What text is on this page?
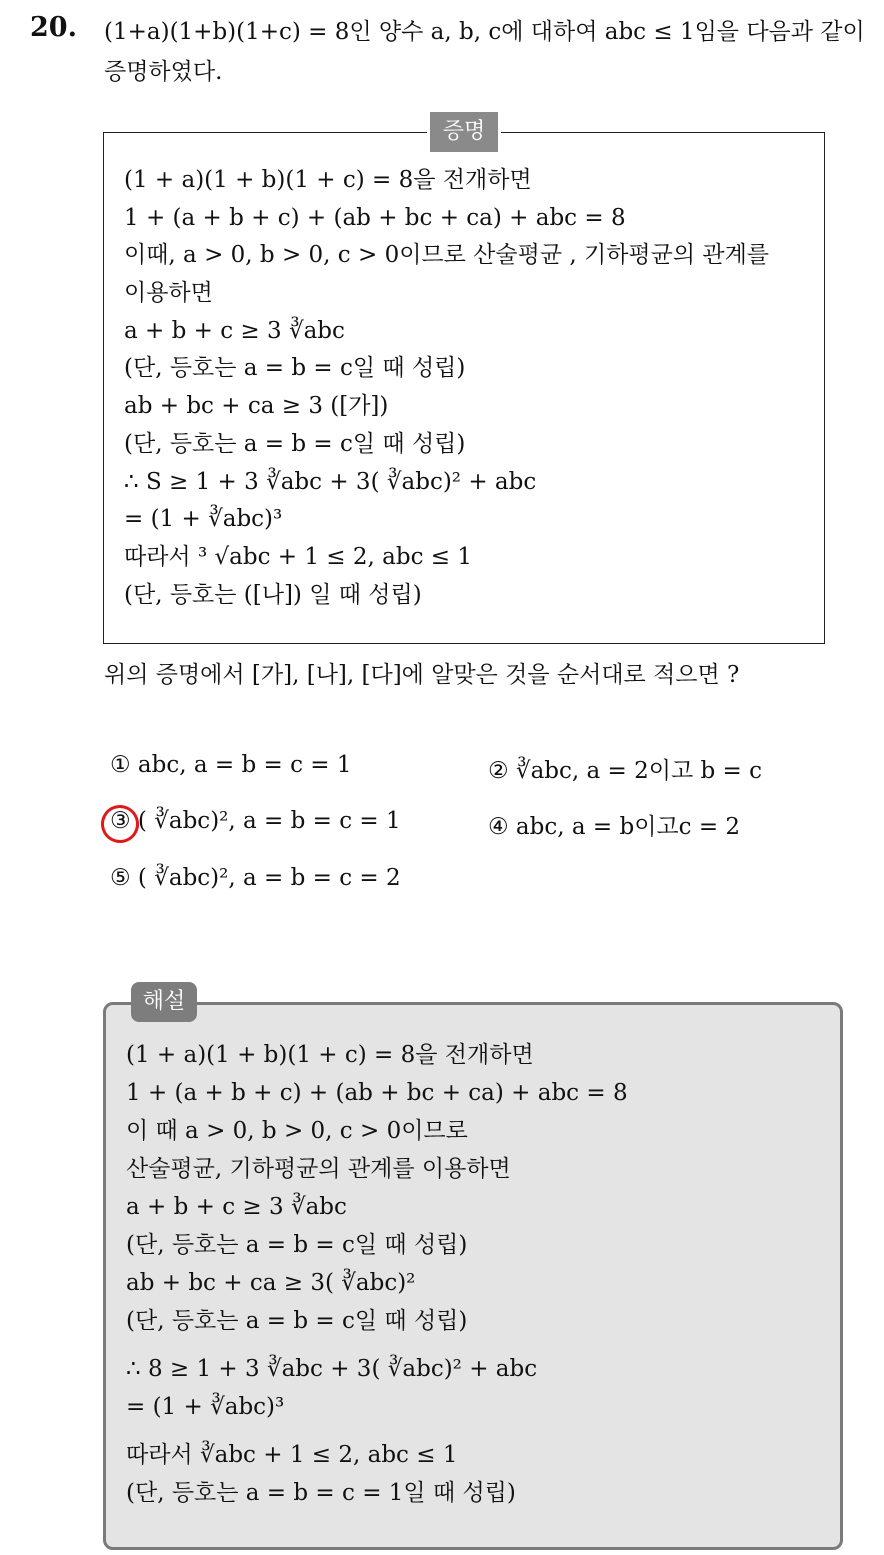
20. (1+a)(1+b)(1+c) = 8인 양수 a, b, c에 대하여 abc ≤ 1임을 다음과 같이 증명하였다.
증명
(1 + a)(1 + b)(1 + c) = 8을 전개하면
1 + (a + b + c) + (ab + bc + ca) + abc = 8
이때, a > 0, b > 0, c > 0이므로 산술평균 , 기하평균의 관계를
이용하면
a + b + c ≥ 3 ∛abc
(단, 등호는 a = b = c일 때 성립)
ab + bc + ca ≥ 3 ([가])
(단, 등호는 a = b = c일 때 성립)
∴ S ≥ 1 + 3 ∛abc + 3( ∛abc)² + abc
= (1 + ∛abc)³
따라서 ³ √abc + 1 ≤ 2, abc ≤ 1
(단, 등호는 ([나]) 일 때 성립)
위의 증명에서 [가], [나], [다]에 알맞은 것을 순서대로 적으면 ?
① abc, a = b = c = 1	② ∛abc, a = 2이고 b = c
③ ( ∛abc)², a = b = c = 1	④ abc, a = b이고c = 2
⑤ ( ∛abc)², a = b = c = 2
해설
(1 + a)(1 + b)(1 + c) = 8을 전개하면
1 + (a + b + c) + (ab + bc + ca) + abc = 8
이 때 a > 0, b > 0, c > 0이므로
산술평균, 기하평균의 관계를 이용하면
a + b + c ≥ 3 ∛abc
(단, 등호는 a = b = c일 때 성립)
ab + bc + ca ≥ 3( ∛abc)²
(단, 등호는 a = b = c일 때 성립)
∴ 8 ≥ 1 + 3 ∛abc + 3( ∛abc)² + abc
= (1 + ∛abc)³
따라서 ∛abc + 1 ≤ 2, abc ≤ 1
(단, 등호는 a = b = c = 1일 때 성립)
